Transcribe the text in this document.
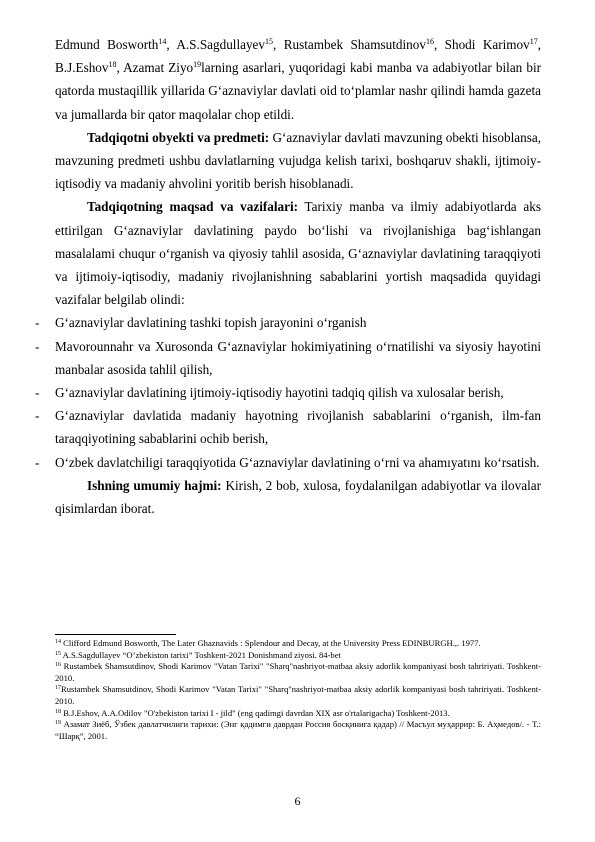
Edmund Bosworth$^{14}$, A.S.Sagdullayev$^{15}$, Rustambek Shamsutdinov$^{16}$, Shodi Karimov$^{17}$, B.J.Eshov$^{18}$, Azamat Ziyo$^{19}$larning asarlari, yuqoridagi kabi manba va adabiyotlar bilan bir qatorda mustaqillik yillarida G‘aznaviylar davlati oid to‘plamlar nashr qilindi hamda gazeta va jumallarda bir qator maqolalar chop etildi.

Tadqiqotni obyekti va predmeti: G‘aznaviylar davlati mavzuning obekti hisoblansa, mavzuning predmeti ushbu davlatlarning vujudga kelish tarixi, boshqaruv shakli, ijtimoiy-iqtisodiy va madaniy ahvolini yoritib berish hisoblanadi.

Tadqiqotning maqsad va vazifalari: Tarixiy manba va ilmiy adabiyotlarda aks ettirilgan G‘aznaviylar davlatining paydo bo‘lishi va rivojlanishiga bag‘ishlangan masalalami chuqur o‘rganish va qiyosiy tahlil asosida, G‘aznaviylar davlatining taraqqiyoti va ijtimoiy-iqtisodiy, madaniy rivojlanishning sabablarini yortish maqsadida quyidagi vazifalar belgilab olindi:

- G‘aznaviylar davlatining tashki topish jarayonini o‘rganish

- Mavorounnahr va Xurosonda G‘aznaviylar hokimiyatining o‘rnatilishi va siyosiy hayotini manbalar asosida tahlil qilish,

- G‘aznaviylar davlatining ijtimoiy-iqtisodiy hayotini tadqiq qilish va xulosalar berish,

- G‘aznaviylar davlatida madaniy hayotning rivojlanish sabablarini o‘rganish, ilm-fan taraqqiyotining sabablarini ochib berish,

- O‘zbek davlatchiligi taraqqiyotida G‘aznaviylar davlatining o‘rni va ahamıyatını ko‘rsatish.

Ishning umumiy hajmi: Kirish, 2 bob, xulosa, foydalanilgan adabiyotlar va ilovalar qisimlardan iborat.

$^{14}$ Clifford Edmund Bosworth, The Later Ghaznavids : Splendour and Decay, at the University Press EDINBURGH.,. 1977.

$^{15}$ A.S.Sagdullayev “O’zbekiston tarixi” Toshkent-2021 Donishmand ziyosi. 84-bet

$^{16}$ Rustambek Shamsutdinov, Shodi Karimov "Vatan Tarixi" "Sharq"nashriyot-matbaa aksiy adorlik kompaniyasi bosh tahririyati. Toshkent-2010.

$^{17}$Rustambek Shamsutdinov, Shodi Karimov "Vatan Tarixi" "Sharq"nashriyot-matbaa aksiy adorlik kompaniyasi bosh tahririyati. Toshkent-2010.

$^{18}$ B.J.Eshov, A.A.Odilov "O'zbekiston tarixi I - jild" (eng qadimgi davrdan XIX asr o'rtalarigacha) Toshkent-2013.

$^{19}$ Азамат Зиёб, Ўзбек давлатчилиги тарихи: (Энг қадимги даврдан Россия босқинига қадар) // Масъул муҳаррир: Б. Аҳмедов/. - Т.: “Шарқ”, 2001.

6
